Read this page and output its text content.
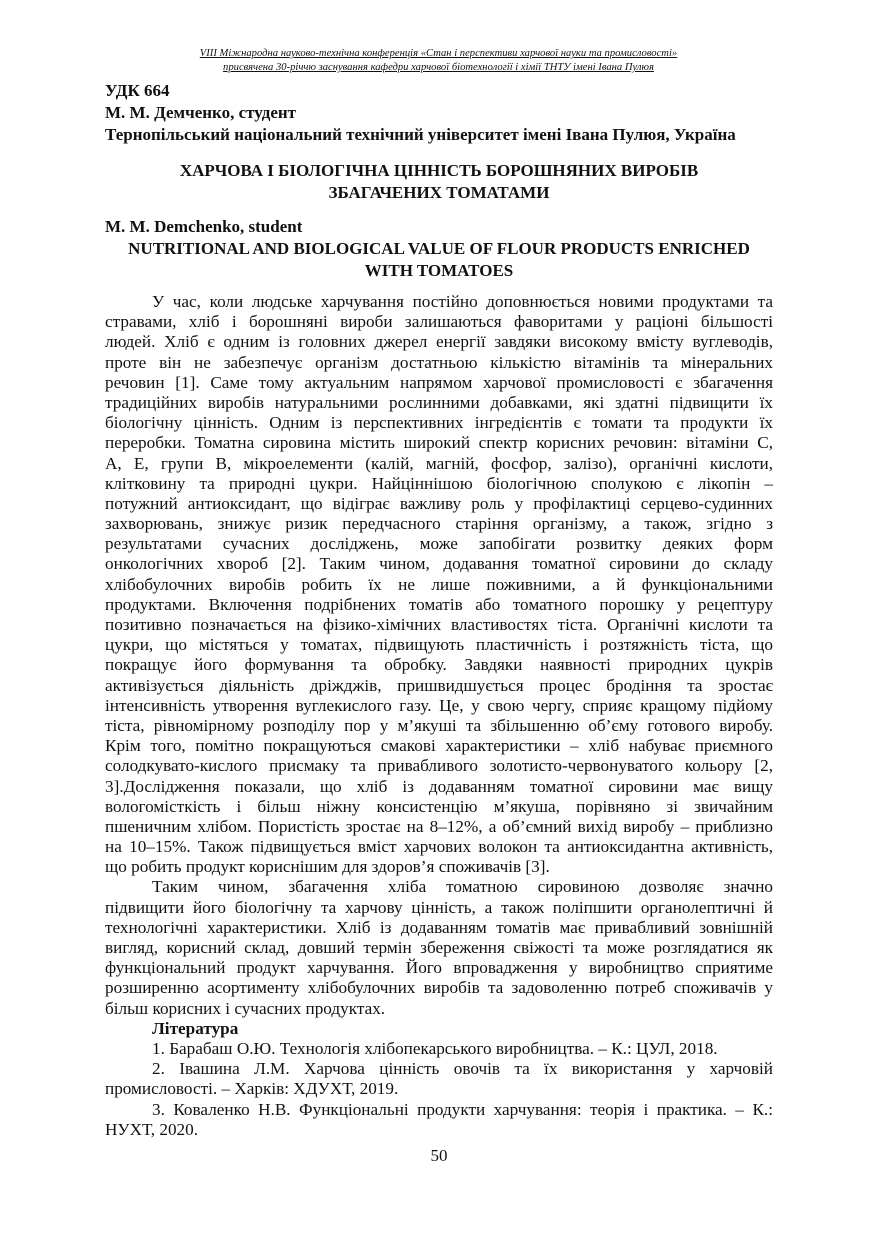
VIII Міжнародна науково-технічна конференція «Стан і перспективи харчової науки та промисловості»
присвячена 30-річчю заснування кафедри харчової біотехнології і хімії ТНТУ імені Івана Пулюя
УДК 664
М. М. Демченко, студент
Тернопільський національний технічний університет імені Івана Пулюя, Україна
ХАРЧОВА І БІОЛОГІЧНА ЦІННІСТЬ БОРОШНЯНИХ ВИРОБІВ
ЗБАГАЧЕНИХ ТОМАТАМИ
M. M. Demchenko, student
NUTRITIONAL AND BIOLOGICAL VALUE OF FLOUR PRODUCTS ENRICHED
WITH TOMATOES
У час, коли людське харчування постійно доповнюється новими продуктами та
стравами, хліб і борошняні вироби залишаються фаворитами у раціоні більшості
людей. Хліб є одним із головних джерел енергії завдяки високому вмісту вуглеводів,
проте він не забезпечує організм достатньою кількістю вітамінів та мінеральних
речовин [1]. Саме тому актуальним напрямом харчової промисловості є збагачення
традиційних виробів натуральними рослинними добавками, які здатні підвищити їх
біологічну цінність. Одним із перспективних інгредієнтів є томати та продукти їх
переробки. Томатна сировина містить широкий спектр корисних речовин: вітаміни С,
А, Е, групи В, мікроелементи (калій, магній, фосфор, залізо), органічні кислоти,
клітковину та природні цукри. Найціннішою біологічною сполукою є лікопін –
потужний антиоксидант, що відіграє важливу роль у профілактиці серцево-судинних
захворювань, знижує ризик передчасного старіння організму, а також, згідно з
результатами сучасних досліджень, може запобігати розвитку деяких форм
онкологічних хвороб [2]. Таким чином, додавання томатної сировини до складу
хлібобулочних виробів робить їх не лише поживними, а й функціональними
продуктами. Включення подрібнених томатів або томатного порошку у рецептуру
позитивно позначається на фізико-хімічних властивостях тіста. Органічні кислоти та
цукри, що містяться у томатах, підвищують пластичність і розтяжність тіста, що
покращує його формування та обробку. Завдяки наявності природних цукрів
активізується діяльність дріжджів, пришвидшується процес бродіння та зростає
інтенсивність утворення вуглекислого газу. Це, у свою чергу, сприяє кращому підйому
тіста, рівномірному розподілу пор у м’якуші та збільшенню об’єму готового виробу.
Крім того, помітно покращуються смакові характеристики – хліб набуває приємного
солодкувато-кислого присмаку та привабливого золотисто-червонуватого кольору [2,
3].Дослідження показали, що хліб із додаванням томатної сировини має вищу
вологомісткість і більш ніжну консистенцію м’якуша, порівняно зі звичайним
пшеничним хлібом. Пористість зростає на 8–12%, а об’ємний вихід виробу – приблизно
на 10–15%. Також підвищується вміст харчових волокон та антиоксидантна активність,
що робить продукт кориснішим для здоров’я споживачів [3].
Таким чином, збагачення хліба томатною сировиною дозволяє значно
підвищити його біологічну та харчову цінність, а також поліпшити органолептичні й
технологічні характеристики. Хліб із додаванням томатів має привабливий зовнішній
вигляд, корисний склад, довший термін збереження свіжості та може розглядатися як
функціональний продукт харчування. Його впровадження у виробництво сприятиме
розширенню асортименту хлібобулочних виробів та задоволенню потреб споживачів у
більш корисних і сучасних продуктах.
Література
1. Барабаш О.Ю. Технологія хлібопекарського виробництва. – К.: ЦУЛ, 2018.
2. Івашина Л.М. Харчова цінність овочів та їх використання у харчовій
промисловості. – Харків: ХДУХТ, 2019.
3. Коваленко Н.В. Функціональні продукти харчування: теорія і практика. – К.:
НУХТ, 2020.
50
